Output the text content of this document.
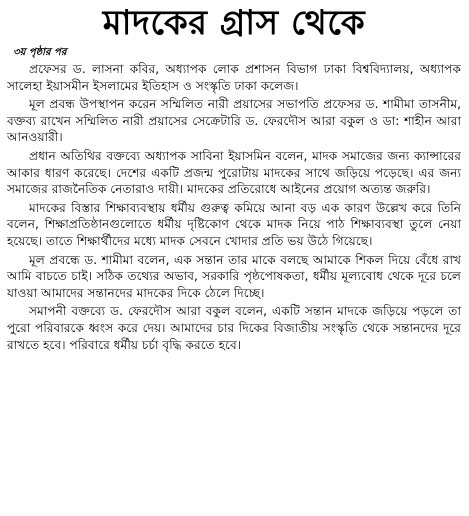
মাদকের গ্রাস থেকে
৩য় পৃষ্ঠার পর

প্রফেসর ড. লাসনা কবির, অধ্যাপক লোক প্রশাসন বিভাগ ঢাকা বিশ্ববিদ্যালয়, অধ্যাপক সালেহা ইয়াসমীন ইসলামের ইতিহাস ও সংস্কৃতি ঢাকা কলেজ।

মূল প্রবন্ধ উপস্থাপন করেন সম্মিলিত নারী প্রয়াসের সভাপতি প্রফেসর ড. শামীমা তাসনীম, বক্তব্য রাখেন সম্মিলিত নারী প্রয়াসের সেক্রেটারি ড. ফেরদৌস আরা বকুল ও ডা: শাহীন আরা আনওয়ারী।

প্রধান অতিথির বক্তব্যে অধ্যাপক সাবিনা ইয়াসমিন বলেন, মাদক সমাজের জন্য ক্যান্সারের আকার ধারণ করেছে। দেশের একটি প্রজন্ম পুরোটায় মাদকের সাথে জড়িয়ে পড়েছে। এর জন্য সমাজের রাজনৈতিক নেতারাও দায়ী। মাদকের প্রতিরোধে আইনের প্রয়োগ অত্যন্ত জরুরি।

মাদকের বিস্তার শিক্ষাব্যবস্থায় ধর্মীয় গুরুত্ব কমিয়ে আনা বড় এক কারণ উল্লেখ করে তিনি বলেন, শিক্ষাপ্রতিষ্ঠানগুলোতে ধর্মীয় দৃষ্টিকোণ থেকে মাদক নিয়ে পাঠ শিক্ষাব্যবস্থা তুলে নেয়া হয়েছে। তাতে শিক্ষার্থীদের মধ্যে মাদক সেবনে খোদার প্রতি ভয় উঠে গিয়েছে।

মূল প্রবন্ধে ড. শামীমা বলেন, এক সন্তান তার মাকে বলছে আমাকে শিকল দিয়ে বেঁধে রাখ আমি বাচতে চাই। সঠিক তথ্যের অভাব, সরকারি পৃষ্ঠপোষকতা, ধর্মীয় মূল্যবোধ থেকে দূরে চলে যাওয়া আমাদের সন্তানদের মাদকের দিকে ঠেলে দিচ্ছে।

সমাপনী বক্তব্যে ড. ফেরদৌস আরা বকুল বলেন, একটি সন্তান মাদকে জড়িয়ে পড়লে তা পুরো পরিবারকে ধ্বংস করে দেয়। আমাদের চার দিকের বিজাতীয় সংস্কৃতি থেকে সন্তানদের দূরে রাখতে হবে। পরিবারে ধর্মীয় চর্চা বৃদ্ধি করতে হবে।
